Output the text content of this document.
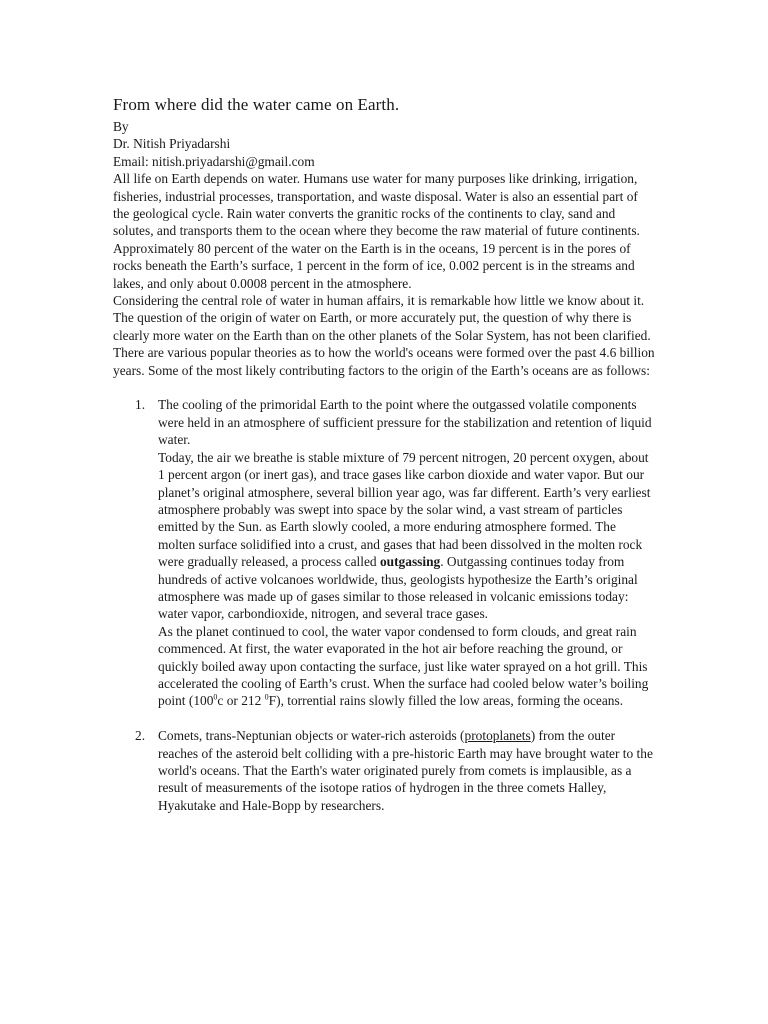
From where did the water came on Earth.

By

Dr. Nitish Priyadarshi

Email: nitish.priyadarshi@gmail.com

All life on Earth depends on water. Humans use water for many purposes like drinking, irrigation, fisheries, industrial processes, transportation, and waste disposal. Water is also an essential part of the geological cycle. Rain water converts the granitic rocks of the continents to clay, sand and solutes, and transports them to the ocean where they become the raw material of future continents. Approximately 80 percent of the water on the Earth is in the oceans, 19 percent is in the pores of rocks beneath the Earth’s surface, 1 percent in the form of ice, 0.002 percent is in the streams and lakes, and only about 0.0008 percent in the atmosphere.

Considering the central role of water in human affairs, it is remarkable how little we know about it.

The question of the origin of water on Earth, or more accurately put, the question of why there is clearly more water on the Earth than on the other planets of the Solar System, has not been clarified. There are various popular theories as to how the world's oceans were formed over the past 4.6 billion years. Some of the most likely contributing factors to the origin of the Earth’s oceans are as follows:

1. The cooling of the primoridal Earth to the point where the outgassed volatile components were held in an atmosphere of sufficient pressure for the stabilization and retention of liquid water.
Today, the air we breathe is stable mixture of 79 percent nitrogen, 20 percent oxygen, about 1 percent argon (or inert gas), and trace gases like carbon dioxide and water vapor. But our planet’s original atmosphere, several billion year ago, was far different. Earth’s very earliest atmosphere probably was swept into space by the solar wind, a vast stream of particles emitted by the Sun. as Earth slowly cooled, a more enduring atmosphere formed. The molten surface solidified into a crust, and gases that had been dissolved in the molten rock were gradually released, a process called outgassing. Outgassing continues today from hundreds of active volcanoes worldwide, thus, geologists hypothesize the Earth’s original atmosphere was made up of gases similar to those released in volcanic emissions today: water vapor, carbondioxide, nitrogen, and several trace gases.
As the planet continued to cool, the water vapor condensed to form clouds, and great rain commenced. At first, the water evaporated in the hot air before reaching the ground, or quickly boiled away upon contacting the surface, just like water sprayed on a hot grill. This accelerated the cooling of Earth’s crust. When the surface had cooled below water’s boiling point ($100^0c$ or 212 $^0$F), torrential rains slowly filled the low areas, forming the oceans.
2. Comets, trans-Neptunian objects or water-rich asteroids (protoplanets) from the outer reaches of the asteroid belt colliding with a pre-historic Earth may have brought water to the world's oceans. That the Earth's water originated purely from comets is implausible, as a result of measurements of the isotope ratios of hydrogen in the three comets Halley, Hyakutake and Hale-Bopp by researchers.
